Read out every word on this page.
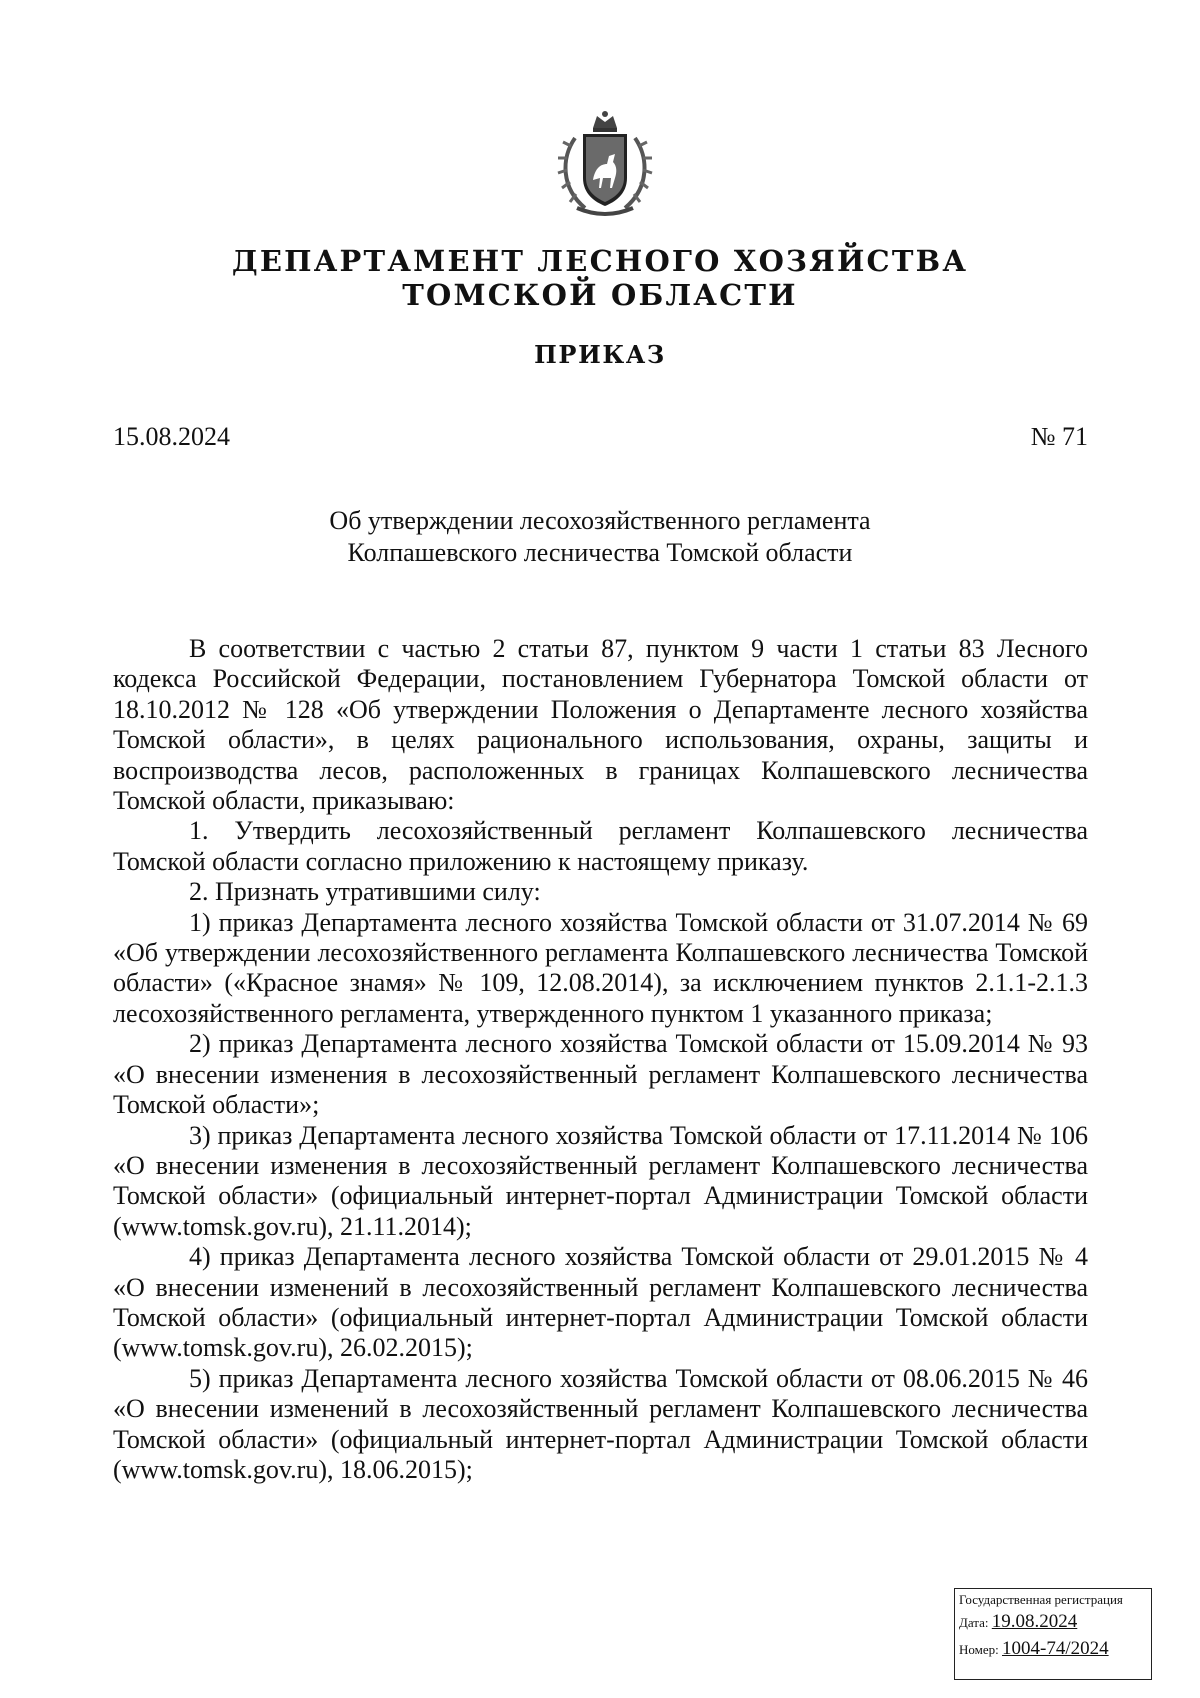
ДЕПАРТАМЕНТ ЛЕСНОГО ХОЗЯЙСТВА
ТОМСКОЙ ОБЛАСТИ
ПРИКАЗ
15.08.2024	№ 71
Об утверждении лесохозяйственного регламента
Колпашевского лесничества Томской области

В соответствии с частью 2 статьи 87, пунктом 9 части 1 статьи 83 Лесного кодекса Российской Федерации, постановлением Губернатора Томской области от 18.10.2012 № 128 «Об утверждении Положения о Департаменте лесного хозяйства Томской области», в целях рационального использования, охраны, защиты и воспроизводства лесов, расположенных в границах Колпашевского лесничества Томской области, приказываю:

1. Утвердить лесохозяйственный регламент Колпашевского лесничества Томской области согласно приложению к настоящему приказу.

2. Признать утратившими силу:

1) приказ Департамента лесного хозяйства Томской области от 31.07.2014 № 69 «Об утверждении лесохозяйственного регламента Колпашевского лесничества Томской области» («Красное знамя» № 109, 12.08.2014), за исключением пунктов 2.1.1-2.1.3 лесохозяйственного регламента, утвержденного пунктом 1 указанного приказа;

2) приказ Департамента лесного хозяйства Томской области от 15.09.2014 № 93 «О внесении изменения в лесохозяйственный регламент Колпашевского лесничества Томской области»;

3) приказ Департамента лесного хозяйства Томской области от 17.11.2014 № 106 «О внесении изменения в лесохозяйственный регламент Колпашевского лесничества Томской области» (официальный интернет-портал Администрации Томской области (www.tomsk.gov.ru), 21.11.2014);

4) приказ Департамента лесного хозяйства Томской области от 29.01.2015 № 4 «О внесении изменений в лесохозяйственный регламент Колпашевского лесничества Томской области» (официальный интернет-портал Администрации Томской области (www.tomsk.gov.ru), 26.02.2015);

5) приказ Департамента лесного хозяйства Томской области от 08.06.2015 № 46 «О внесении изменений в лесохозяйственный регламент Колпашевского лесничества Томской области» (официальный интернет-портал Администрации Томской области (www.tomsk.gov.ru), 18.06.2015);

Государственная регистрация
Дата: 19.08.2024
Номер: 1004-74/2024
